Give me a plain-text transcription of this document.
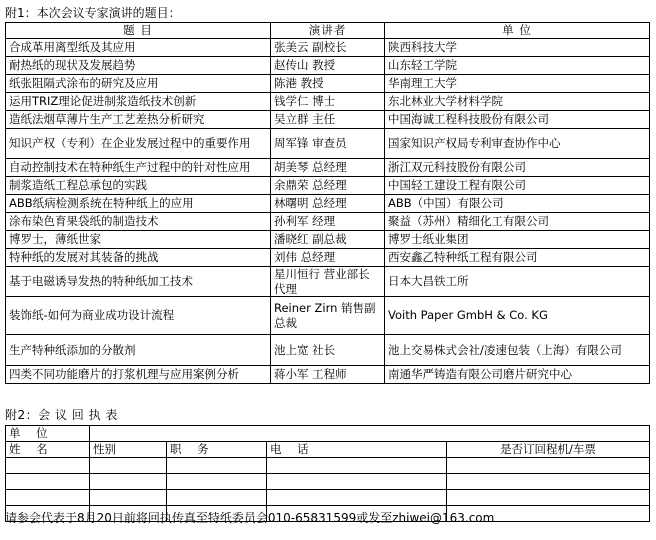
附1：本次会议专家演讲的题目：
题 目	演讲者	单 位
合成革用离型纸及其应用	张美云 副校长	陕西科技大学
耐热纸的现状及发展趋势	赵传山 教授	山东轻工学院
纸张阻隔式涂布的研究及应用	陈港 教授	华南理工大学
运用TRIZ理论促进制浆造纸技术创新	钱学仁 博士	东北林业大学材料学院
造纸法烟草薄片生产工艺差热分析研究	吴立群 主任	中国海诚工程科技股份有限公司
知识产权（专利）在企业发展过程中的重要作用	周军锋 审查员	国家知识产权局专利审查协作中心
自动控制技术在特种纸生产过程中的针对性应用	胡美琴 总经理	浙江双元科技股份有限公司
制浆造纸工程总承包的实践	余鼎荣 总经理	中国轻工建设工程有限公司
ABB纸病检测系统在特种纸上的应用	林曙明 总经理	ABB（中国）有限公司
涂布染色育果袋纸的制造技术	孙利军 经理	聚益（苏州）精细化工有限公司
博罗士，薄纸世家	潘晓红 副总裁	博罗士纸业集团
特种纸的发展对其装备的挑战	刘伟 总经理	西安鑫乙特种纸工程有限公司
基于电磁诱导发热的特种纸加工技术	星川恒行 营业部长代理	日本大昌铁工所
装饰纸-如何为商业成功设计流程	Reiner Zirn 销售副总裁	Voith Paper GmbH & Co. KG
生产特种纸添加的分散剂	池上宽 社长	池上交易株式会社/凌速包装（上海）有限公司
四类不同功能磨片的打浆机理与应用案例分析	蒋小军 工程师	南通华严铸造有限公司磨片研究中心
附2：会 议 回 执 表
单 位				
姓 名	性别	职 务	电 话	是否订回程机/车票

请参会代表于8月20日前将回执传真至特纸委员会010-65831599或发至zhiwei@163.com
